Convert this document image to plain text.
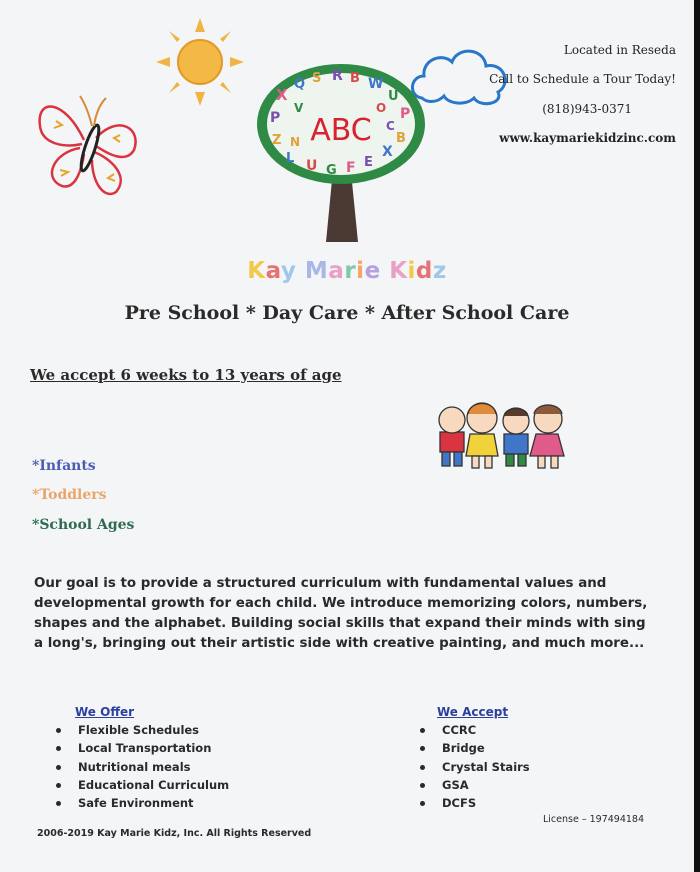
X
Q S R B W
U
P
P
Z
L U G F E
X
B
V	O
N
C
ABC
Located in Reseda
Call to Schedule a Tour Today!
(818)943-0371
www.kaymariekidzinc.com
Kay Marie Kidz
Pre School * Day Care * After School Care
We accept 6 weeks to 13 years of age
*Infants
*Toddlers
*School Ages
Our goal is to provide a structured curriculum with fundamental values and developmental growth for each child. We introduce memorizing colors, numbers, shapes and the alphabet. Building social skills that expand their minds with sing a long's, bringing out their artistic side with creative painting, and much more...
We Offer
Flexible Schedules
Local Transportation
Nutritional meals
Educational Curriculum
Safe Environment
We Accept
CCRC
Bridge
Crystal Stairs
GSA
DCFS
License – 197494184
2006-2019 Kay Marie Kidz, Inc. All Rights Reserved
